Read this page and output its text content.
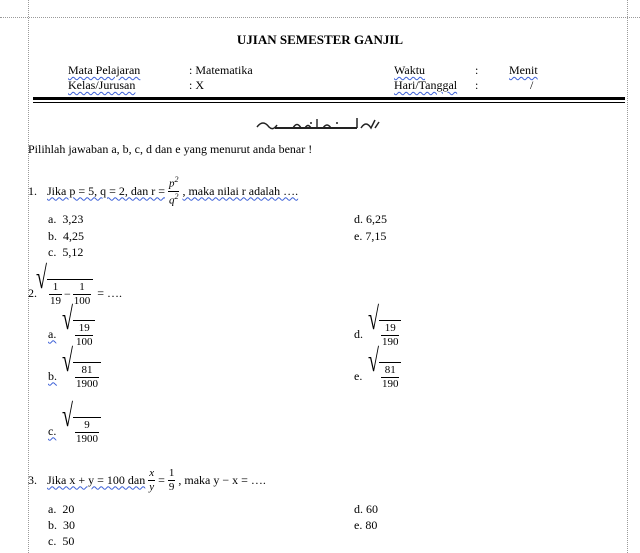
UJIAN SEMESTER GANJIL
Mata Pelajaran	: Matematika
Kelas/Jurusan	: X
Waktu	:	Menit
Hari/Tanggal :	/
Pilihlah jawaban a, b, c, d dan e yang menurut anda benar !
1. Jika p = 5, q = 2, dan $r = \frac{p^2}{q^2}$ , maka nilai r adalah ….
a. 3,23
b. 4,25
c. 5,12
d. 6,25
e. 7,15
2. √ $\frac{1}{19} - \frac{1}{100}$ = ….
a. √ $\frac{19}{100}$
b. √ $\frac{81}{1900}$
c. √ $\frac{9}{1900}$
d. √ $\frac{19}{190}$
e. √ $\frac{81}{190}$
3. Jika x + y = 100 dan $\frac{x}{y} = \frac{1}{9}$ , maka y − x = ….
a. 20
b. 30
c. 50
d. 60
e. 80
